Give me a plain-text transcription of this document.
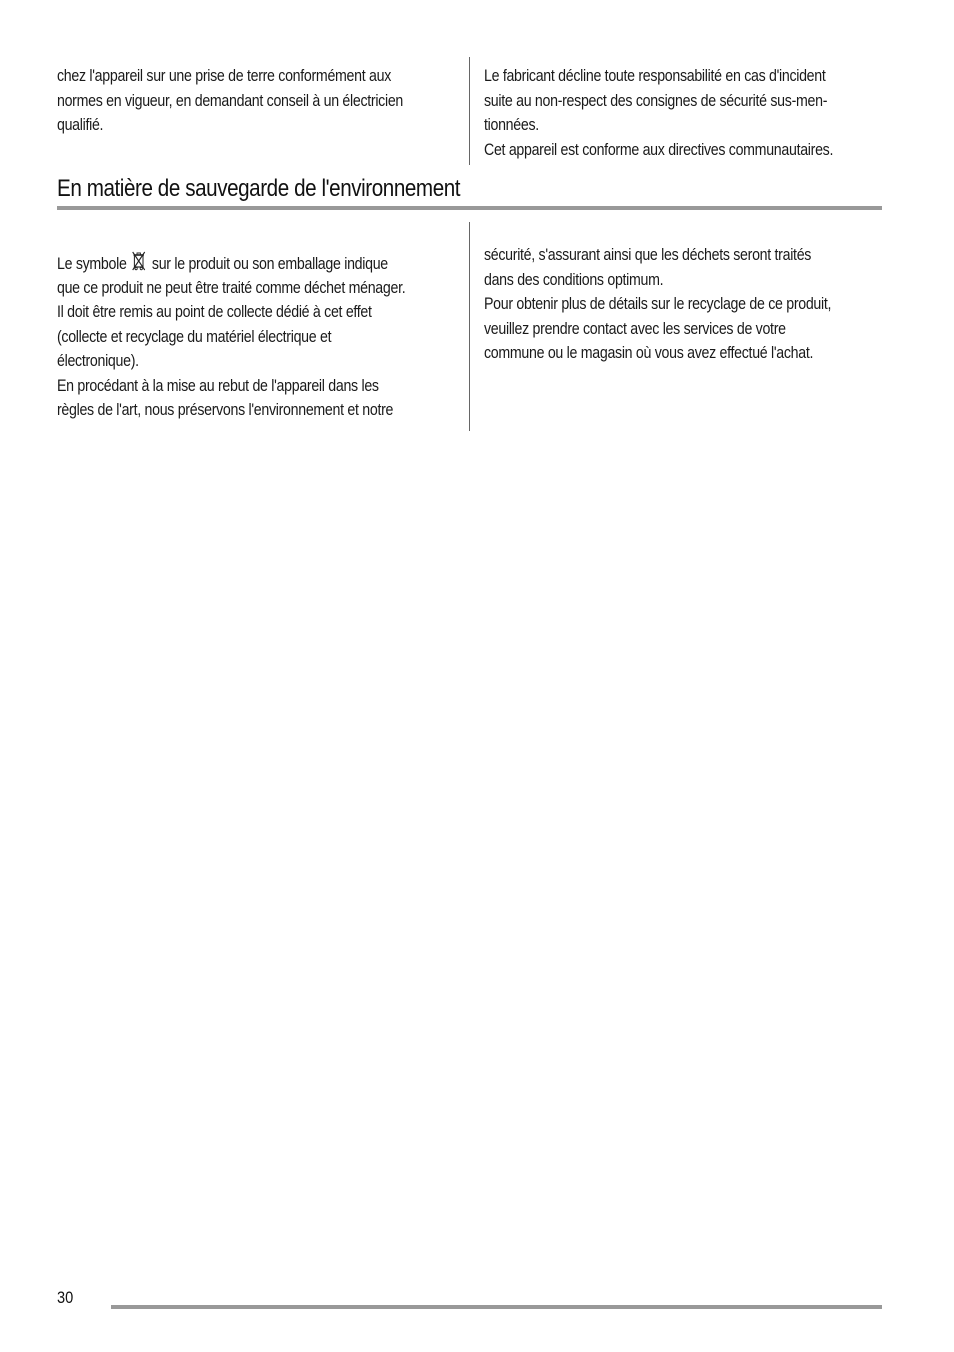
chez l'appareil sur une prise de terre conformément aux
normes en vigueur, en demandant conseil à un électricien
qualifié.
Le fabricant décline toute responsabilité en cas d'incident
suite au non-respect des consignes de sécurité sus-men-
tionnées.
Cet appareil est conforme aux directives communautaires.
En matière de sauvegarde de l'environnement
Le symbole sur le produit ou son emballage indique
que ce produit ne peut être traité comme déchet ménager.
Il doit être remis au point de collecte dédié à cet effet
(collecte et recyclage du matériel électrique et
électronique).
En procédant à la mise au rebut de l'appareil dans les
règles de l'art, nous préservons l'environnement et notre
sécurité, s'assurant ainsi que les déchets seront traités
dans des conditions optimum.
Pour obtenir plus de détails sur le recyclage de ce produit,
veuillez prendre contact avec les services de votre
commune ou le magasin où vous avez effectué l'achat.
30
